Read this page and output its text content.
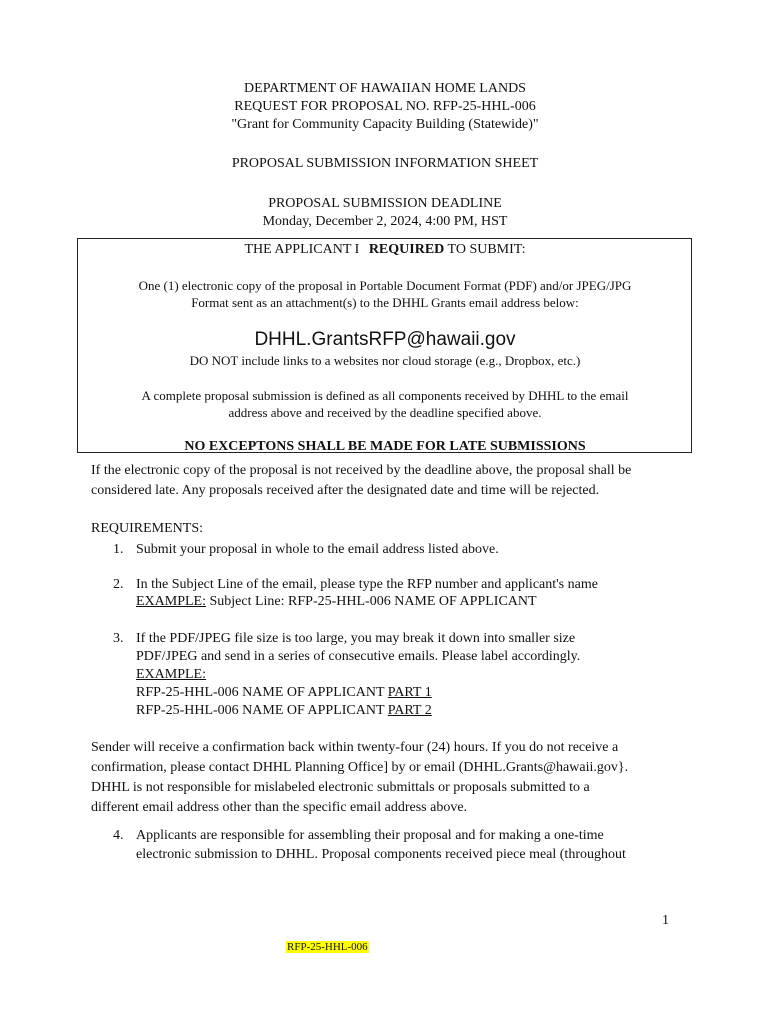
DEPARTMENT OF HAWAIIAN HOME LANDS
REQUEST FOR PROPOSAL NO. RFP-25-HHL-006
"Grant for Community Capacity Building (Statewide)"
PROPOSAL SUBMISSION INFORMATION SHEET
PROPOSAL SUBMISSION DEADLINE
Monday, December 2, 2024, 4:00 PM, HST
THE APPLICANT I REQUIRED TO SUBMIT:
One (1) electronic copy of the proposal in Portable Document Format (PDF) and/or JPEG/JPG
Format sent as an attachment(s) to the DHHL Grants email address below:
DHHL.GrantsRFP@hawaii.gov
DO NOT include links to a websites nor cloud storage (e.g., Dropbox, etc.)
A complete proposal submission is defined as all components received by DHHL to the email
address above and received by the deadline specified above.
NO EXCEPTONS SHALL BE MADE FOR LATE SUBMISSIONS
If the electronic copy of the proposal is not received by the deadline above, the proposal shall be
considered late. Any proposals received after the designated date and time will be rejected.
REQUIREMENTS:
1. Submit your proposal in whole to the email address listed above.
2. In the Subject Line of the email, please type the RFP number and applicant's name
EXAMPLE: Subject Line: RFP-25-HHL-006 NAME OF APPLICANT
3. If the PDF/JPEG file size is too large, you may break it down into smaller size
PDF/JPEG and send in a series of consecutive emails. Please label accordingly.
EXAMPLE:
RFP-25-HHL-006 NAME OF APPLICANT PART 1
RFP-25-HHL-006 NAME OF APPLICANT PART 2
Sender will receive a confirmation back within twenty-four (24) hours. If you do not receive a
confirmation, please contact DHHL Planning Office] by or email (DHHL.Grants@hawaii.gov}.
DHHL is not responsible for mislabeled electronic submittals or proposals submitted to a
different email address other than the specific email address above.
4. Applicants are responsible for assembling their proposal and for making a one-time
electronic submission to DHHL. Proposal components received piece meal (throughout
1
RFP-25-HHL-006
